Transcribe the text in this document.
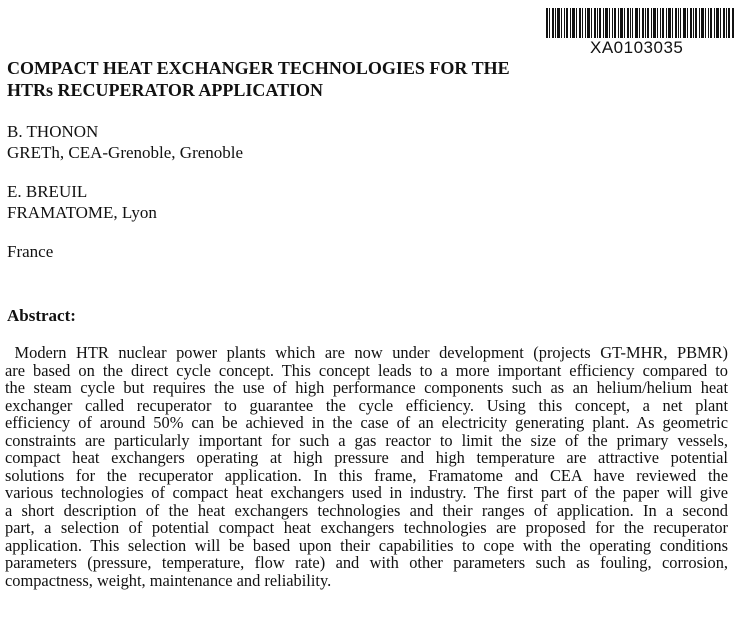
XA0103035
COMPACT HEAT EXCHANGER TECHNOLOGIES FOR THE
HTRs RECUPERATOR APPLICATION
B. THONON
GRETh, CEA-Grenoble, Grenoble
E. BREUIL
FRAMATOME, Lyon
France
Abstract:
Modern HTR nuclear power plants which are now under development (projects GT-MHR, PBMR)
are based on the direct cycle concept. This concept leads to a more important efficiency compared to
the steam cycle but requires the use of high performance components such as an helium/helium heat
exchanger called recuperator to guarantee the cycle efficiency. Using this concept, a net plant
efficiency of around 50% can be achieved in the case of an electricity generating plant. As geometric
constraints are particularly important for such a gas reactor to limit the size of the primary vessels,
compact heat exchangers operating at high pressure and high temperature are attractive potential
solutions for the recuperator application. In this frame, Framatome and CEA have reviewed the
various technologies of compact heat exchangers used in industry. The first part of the paper will give
a short description of the heat exchangers technologies and their ranges of application. In a second
part, a selection of potential compact heat exchangers technologies are proposed for the recuperator
application. This selection will be based upon their capabilities to cope with the operating conditions
parameters (pressure, temperature, flow rate) and with other parameters such as fouling, corrosion,
compactness, weight, maintenance and reliability.
